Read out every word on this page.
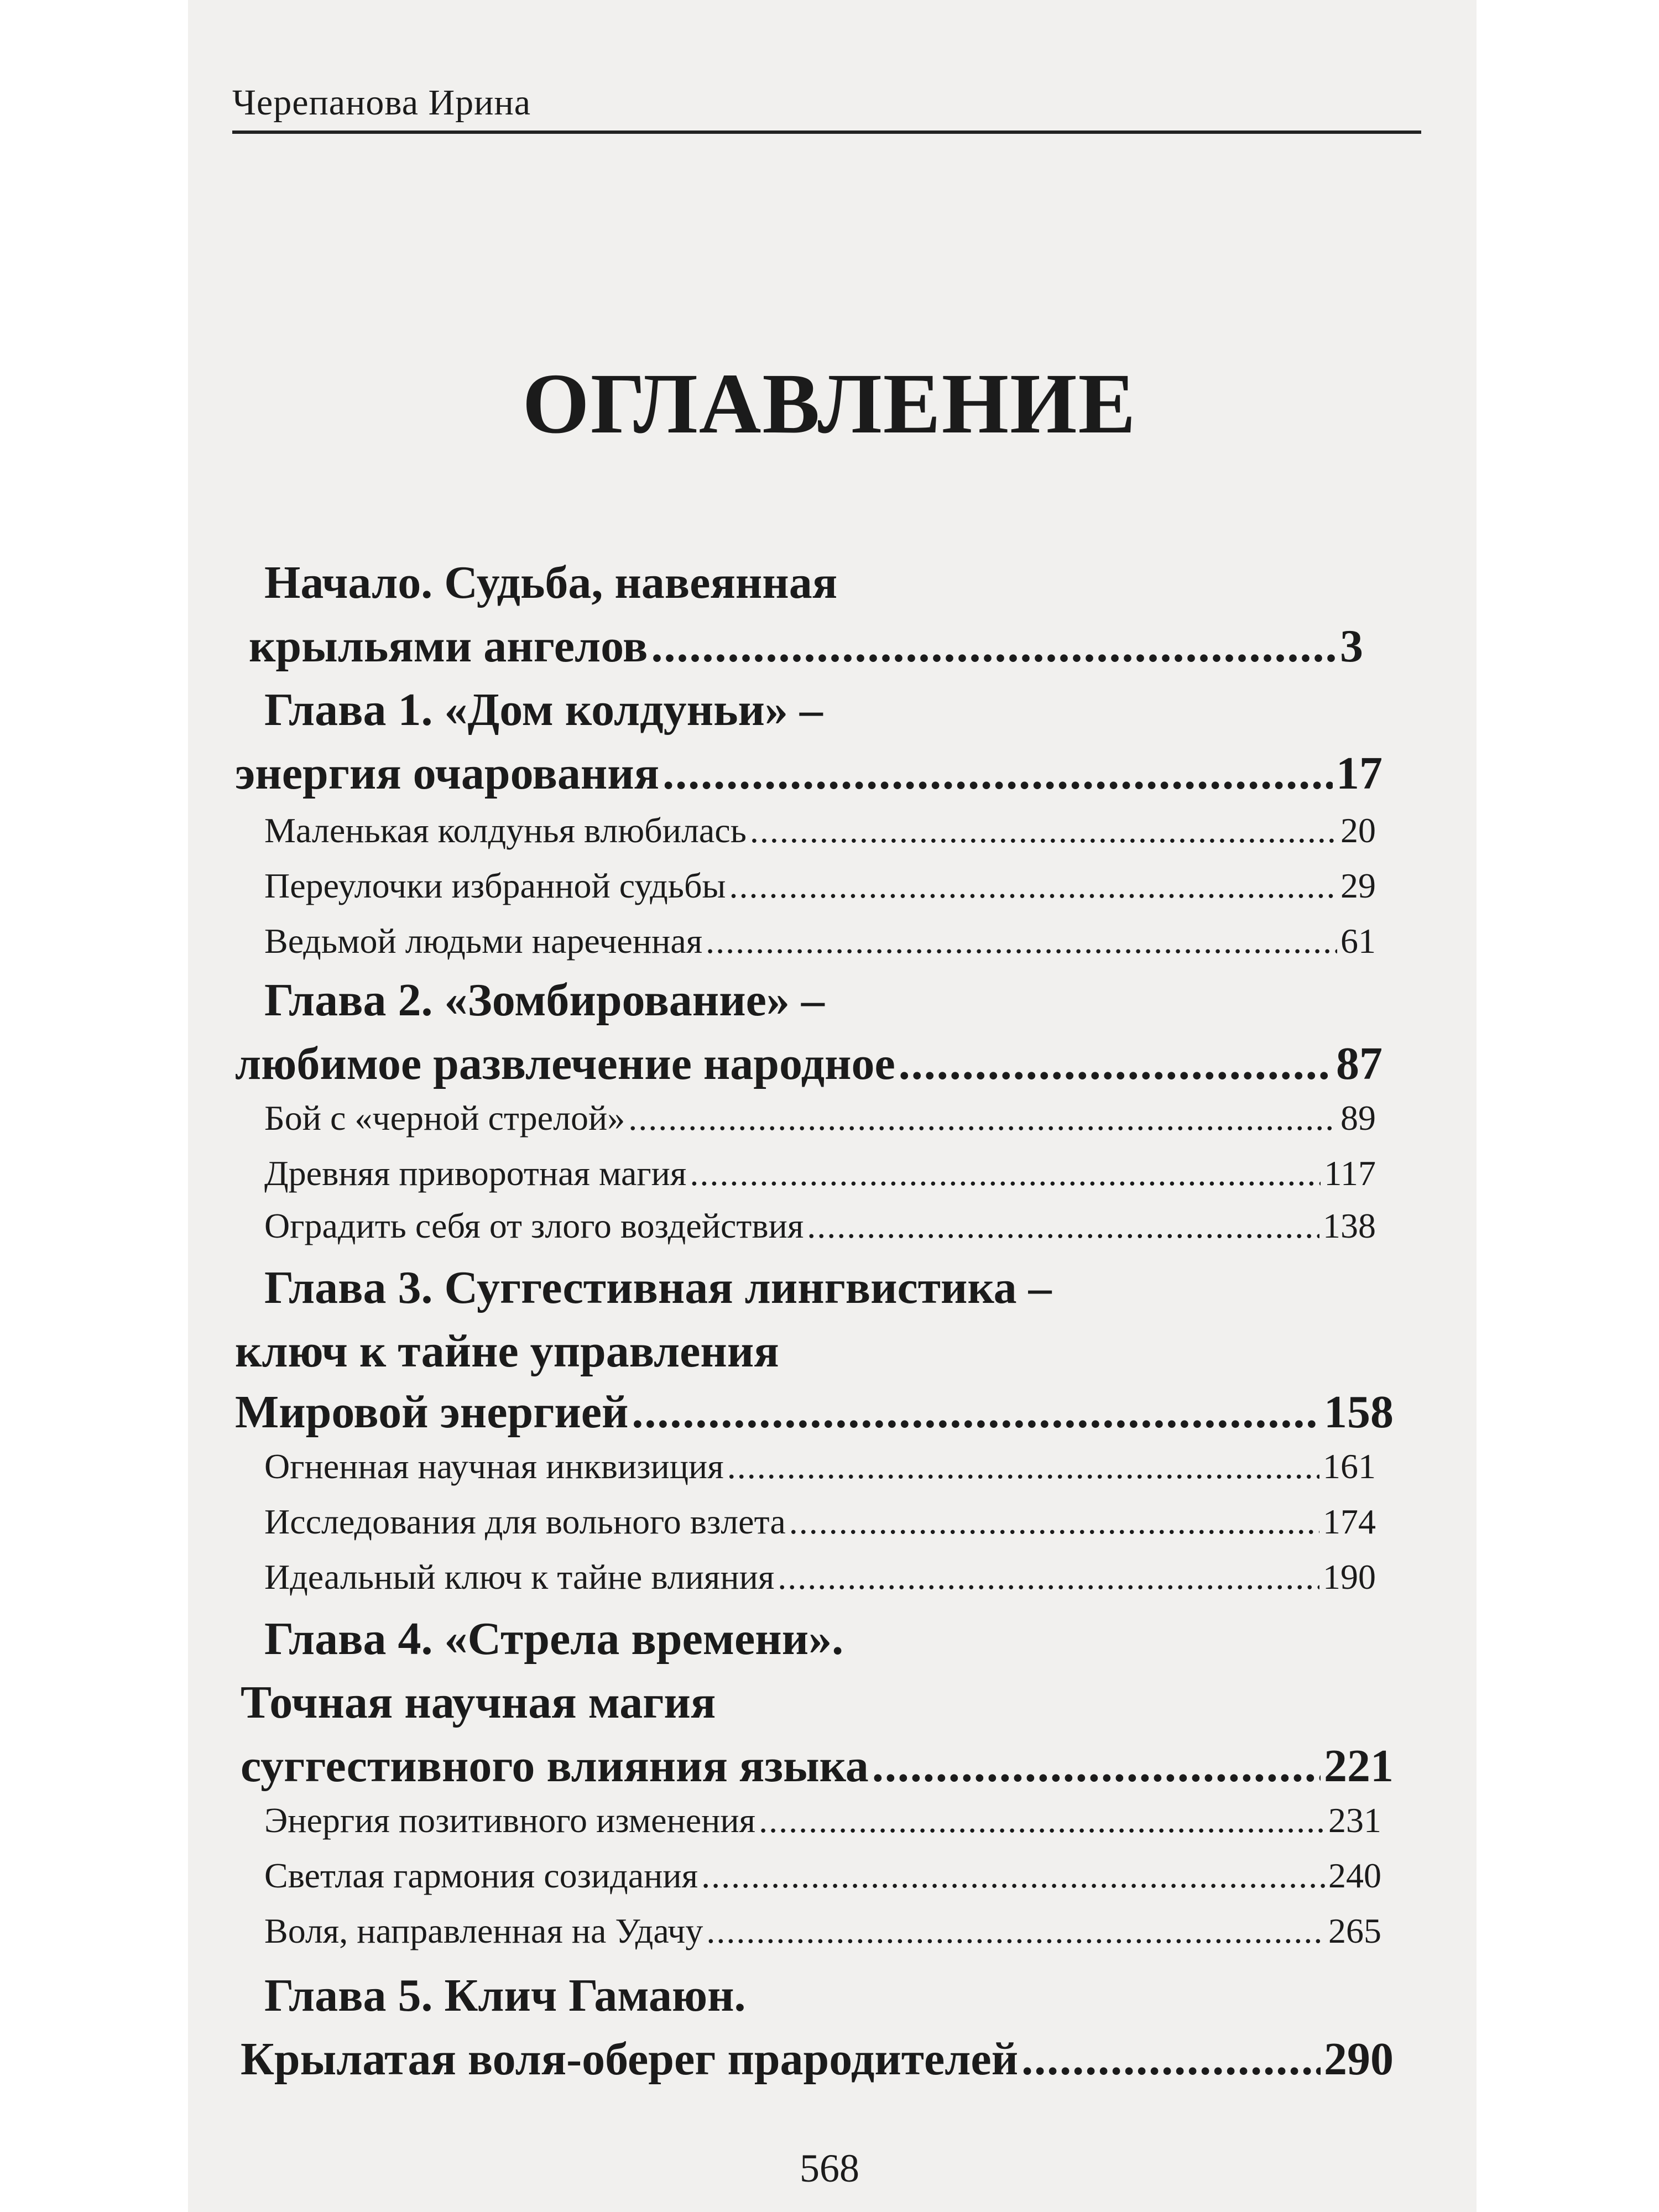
Черепанова Ирина
ОГЛАВЛЕНИЕ
Начало. Судьба, навеянная
крыльями ангелов .....	3
Глава 1. «Дом колдуньи» –
энергия очарования .....	17
Маленькая колдунья влюбилась .....	20
Переулочки избранной судьбы .....	29
Ведьмой людьми нареченная .....	61
Глава 2. «Зомбирование» –
любимое развлечение народное .....	87
Бой с «черной стрелой» .....	89
Древняя приворотная магия .....	117
Оградить себя от злого воздействия .....	138
Глава 3. Суггестивная лингвистика –
ключ к тайне управления
Мировой энергией .....	158
Огненная научная инквизиция .....	161
Исследования для вольного взлета .....	174
Идеальный ключ к тайне влияния .....	190
Глава 4. «Стрела времени».
Точная научная магия
суггестивного влияния языка .....	221
Энергия позитивного изменения .....	231
Светлая гармония созидания .....	240
Воля, направленная на Удачу .....	265
Глава 5. Клич Гамаюн.
Крылатая воля-оберег прародителей .....	290
568
